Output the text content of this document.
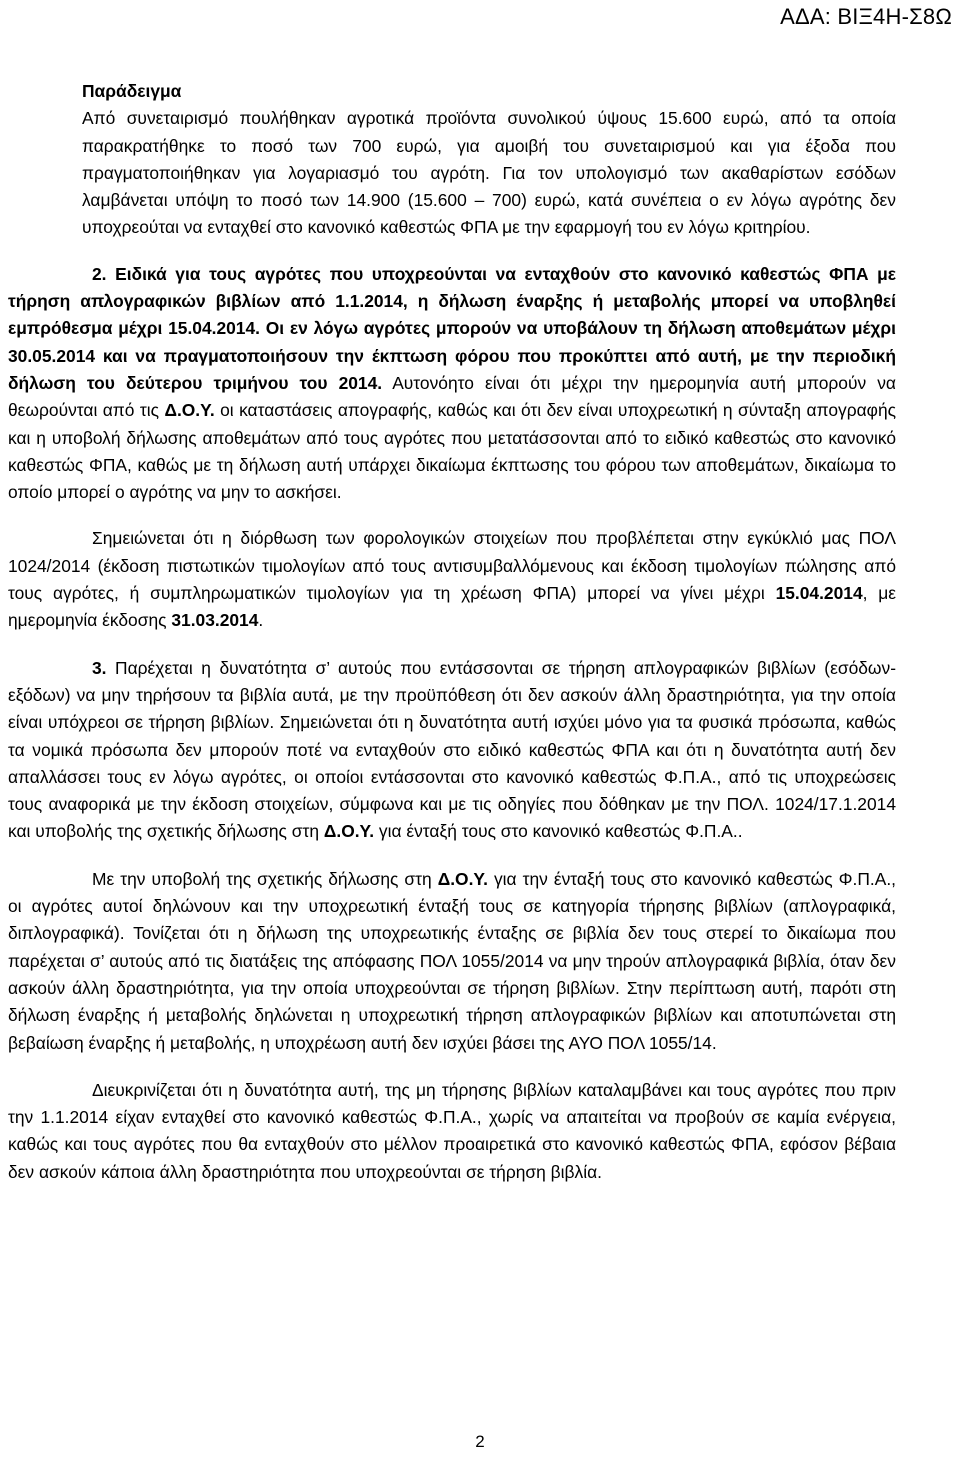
ΑΔΑ: ΒΙΞ4Η-Σ8Ω

Παράδειγμα

Από συνεταιρισμό πουλήθηκαν αγροτικά προϊόντα συνολικού ύψους 15.600 ευρώ, από τα οποία παρακρατήθηκε το ποσό των 700 ευρώ, για αμοιβή του συνεταιρισμού και για έξοδα που πραγματοποιήθηκαν για λογαριασμό του αγρότη. Για τον υπολογισμό των ακαθαρίστων εσόδων λαμβάνεται υπόψη το ποσό των 14.900 (15.600 – 700) ευρώ, κατά συνέπεια ο εν λόγω αγρότης δεν υποχρεούται να ενταχθεί στο κανονικό καθεστώς ΦΠΑ με την εφαρμογή του εν λόγω κριτηρίου.

2. Ειδικά για τους αγρότες που υποχρεούνται να ενταχθούν στο κανονικό καθεστώς ΦΠΑ με τήρηση απλογραφικών βιβλίων από 1.1.2014, η δήλωση έναρξης ή μεταβολής μπορεί να υποβληθεί εμπρόθεσμα μέχρι 15.04.2014. Οι εν λόγω αγρότες μπορούν να υποβάλουν τη δήλωση αποθεμάτων μέχρι 30.05.2014 και να πραγματοποιήσουν την έκπτωση φόρου που προκύπτει από αυτή, με την περιοδική δήλωση του δεύτερου τριμήνου του 2014. Αυτονόητο είναι ότι μέχρι την ημερομηνία αυτή μπορούν να θεωρούνται από τις Δ.Ο.Υ. οι καταστάσεις απογραφής, καθώς και ότι δεν είναι υποχρεωτική η σύνταξη απογραφής και η υποβολή δήλωσης αποθεμάτων από τους αγρότες που μετατάσσονται από το ειδικό καθεστώς στο κανονικό καθεστώς ΦΠΑ, καθώς με τη δήλωση αυτή υπάρχει δικαίωμα έκπτωσης του φόρου των αποθεμάτων, δικαίωμα το οποίο μπορεί ο αγρότης να μην το ασκήσει.

Σημειώνεται ότι η διόρθωση των φορολογικών στοιχείων που προβλέπεται στην εγκύκλιό μας ΠΟΛ 1024/2014 (έκδοση πιστωτικών τιμολογίων από τους αντισυμβαλλόμενους και έκδοση τιμολογίων πώλησης από τους αγρότες, ή συμπληρωματικών τιμολογίων για τη χρέωση ΦΠΑ) μπορεί να γίνει μέχρι 15.04.2014, με ημερομηνία έκδοσης 31.03.2014.

3. Παρέχεται η δυνατότητα σ’ αυτούς που εντάσσονται σε τήρηση απλογραφικών βιβλίων (εσόδων- εξόδων) να μην τηρήσουν τα βιβλία αυτά, με την προϋπόθεση ότι δεν ασκούν άλλη δραστηριότητα, για την οποία είναι υπόχρεοι σε τήρηση βιβλίων. Σημειώνεται ότι η δυνατότητα αυτή ισχύει μόνο για τα φυσικά πρόσωπα, καθώς τα νομικά πρόσωπα δεν μπορούν ποτέ να ενταχθούν στο ειδικό καθεστώς ΦΠΑ και ότι η δυνατότητα αυτή δεν απαλλάσσει τους εν λόγω αγρότες, οι οποίοι εντάσσονται στο κανονικό καθεστώς Φ.Π.Α., από τις υποχρεώσεις τους αναφορικά με την έκδοση στοιχείων, σύμφωνα και με τις οδηγίες που δόθηκαν με την ΠΟΛ. 1024/17.1.2014 και υποβολής της σχετικής δήλωσης στη Δ.Ο.Υ. για ένταξή τους στο κανονικό καθεστώς Φ.Π.Α..

Με την υποβολή της σχετικής δήλωσης στη Δ.Ο.Υ. για την ένταξή τους στο κανονικό καθεστώς Φ.Π.Α., οι αγρότες αυτοί δηλώνουν και την υποχρεωτική ένταξή τους σε κατηγορία τήρησης βιβλίων (απλογραφικά, διπλογραφικά). Τονίζεται ότι η δήλωση της υποχρεωτικής ένταξης σε βιβλία δεν τους στερεί το δικαίωμα που παρέχεται σ’ αυτούς από τις διατάξεις της απόφασης ΠΟΛ 1055/2014 να μην τηρούν απλογραφικά βιβλία, όταν δεν ασκούν άλλη δραστηριότητα, για την οποία υποχρεούνται σε τήρηση βιβλίων. Στην περίπτωση αυτή, παρότι στη δήλωση έναρξης ή μεταβολής δηλώνεται η υποχρεωτική τήρηση απλογραφικών βιβλίων και αποτυπώνεται στη βεβαίωση έναρξης ή μεταβολής, η υποχρέωση αυτή δεν ισχύει βάσει της ΑΥΟ ΠΟΛ 1055/14.

Διευκρινίζεται ότι η δυνατότητα αυτή, της μη τήρησης βιβλίων καταλαμβάνει και τους αγρότες που πριν την 1.1.2014 είχαν ενταχθεί στο κανονικό καθεστώς Φ.Π.Α., χωρίς να απαιτείται να προβούν σε καμία ενέργεια, καθώς και τους αγρότες που θα ενταχθούν στο μέλλον προαιρετικά στο κανονικό καθεστώς ΦΠΑ, εφόσον βέβαια δεν ασκούν κάποια άλλη δραστηριότητα που υποχρεούνται σε τήρηση βιβλία.

2
